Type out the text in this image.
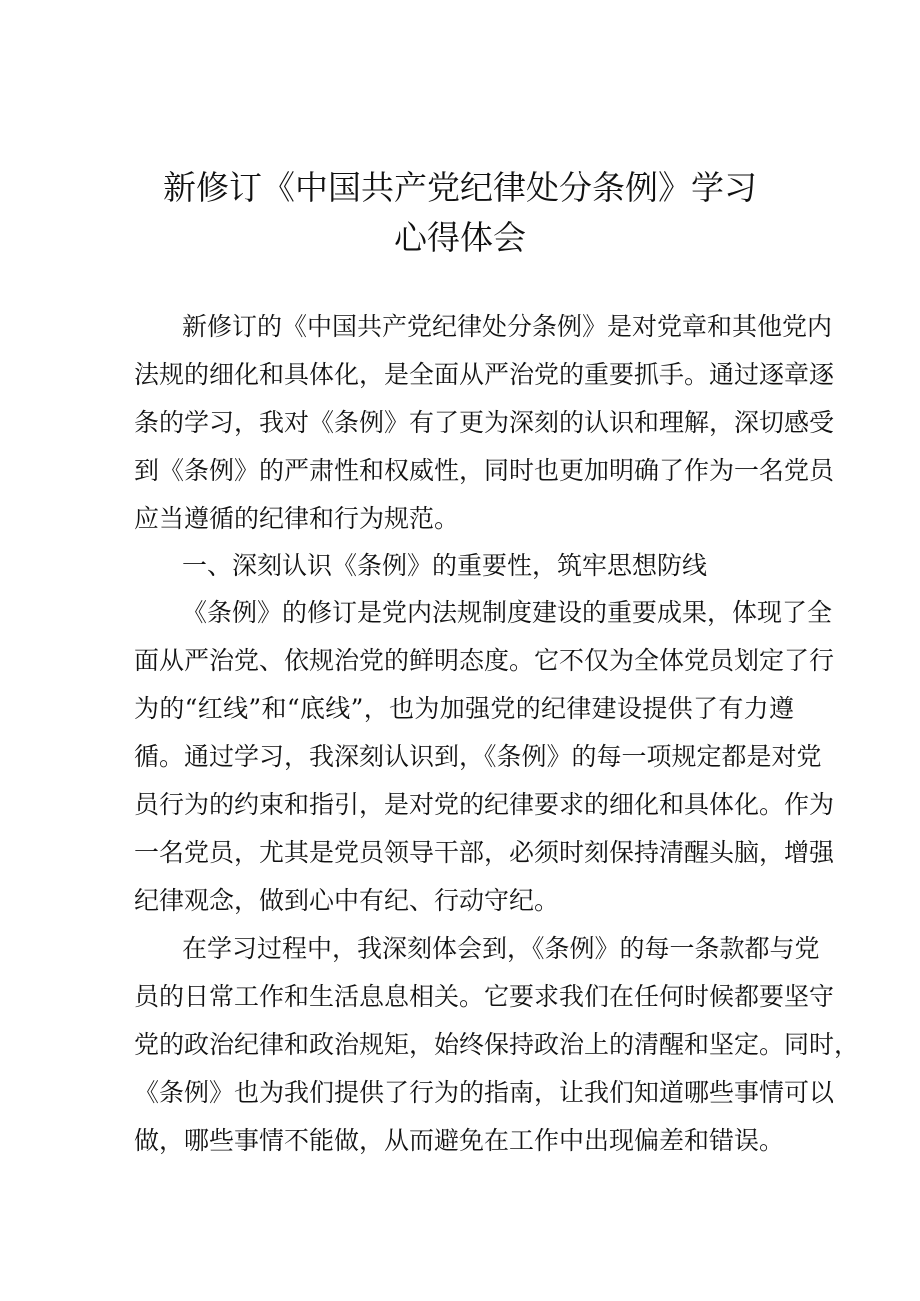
新修订《中国共产党纪律处分条例》学习
心得体会
新修订的《中国共产党纪律处分条例》是对党章和其他党内
法规的细化和具体化，是全面从严治党的重要抓手。通过逐章逐
条的学习，我对《条例》有了更为深刻的认识和理解，深切感受
到《条例》的严肃性和权威性，同时也更加明确了作为一名党员
应当遵循的纪律和行为规范。
一、深刻认识《条例》的重要性，筑牢思想防线
《条例》的修订是党内法规制度建设的重要成果，体现了全
面从严治党、依规治党的鲜明态度。它不仅为全体党员划定了行
为的“红线”和“底线”，也为加强党的纪律建设提供了有力遵
循。通过学习，我深刻认识到，《条例》的每一项规定都是对党
员行为的约束和指引，是对党的纪律要求的细化和具体化。作为
一名党员，尤其是党员领导干部，必须时刻保持清醒头脑，增强
纪律观念，做到心中有纪、行动守纪。
在学习过程中，我深刻体会到，《条例》的每一条款都与党
员的日常工作和生活息息相关。它要求我们在任何时候都要坚守
党的政治纪律和政治规矩，始终保持政治上的清醒和坚定。同时，
《条例》也为我们提供了行为的指南，让我们知道哪些事情可以
做，哪些事情不能做，从而避免在工作中出现偏差和错误。
